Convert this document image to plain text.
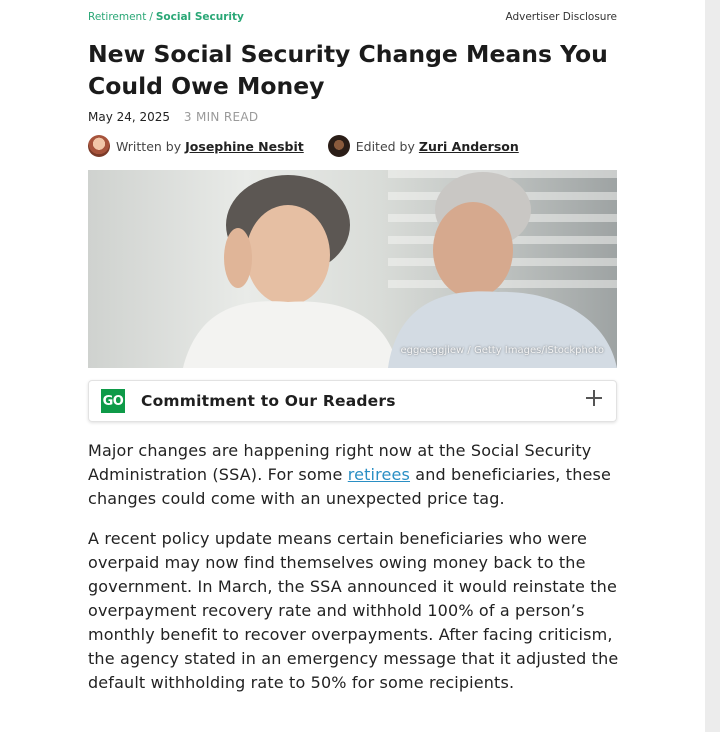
Retirement / Social Security	Advertiser Disclosure
New Social Security Change Means You Could Owe Money
May 24, 2025 3 MIN READ
Written by Josephine Nesbit	Edited by Zuri Anderson
eggeeggjiew / Getty Images/iStockphoto
GO Commitment to Our Readers

Major changes are happening right now at the Social Security Administration (SSA). For some retirees and beneficiaries, these changes could come with an unexpected price tag.

A recent policy update means certain beneficiaries who were overpaid may now find themselves owing money back to the government. In March, the SSA announced it would reinstate the overpayment recovery rate and withhold 100% of a person’s monthly benefit to recover overpayments. After facing criticism, the agency stated in an emergency message that it adjusted the default withholding rate to 50% for some recipients.
